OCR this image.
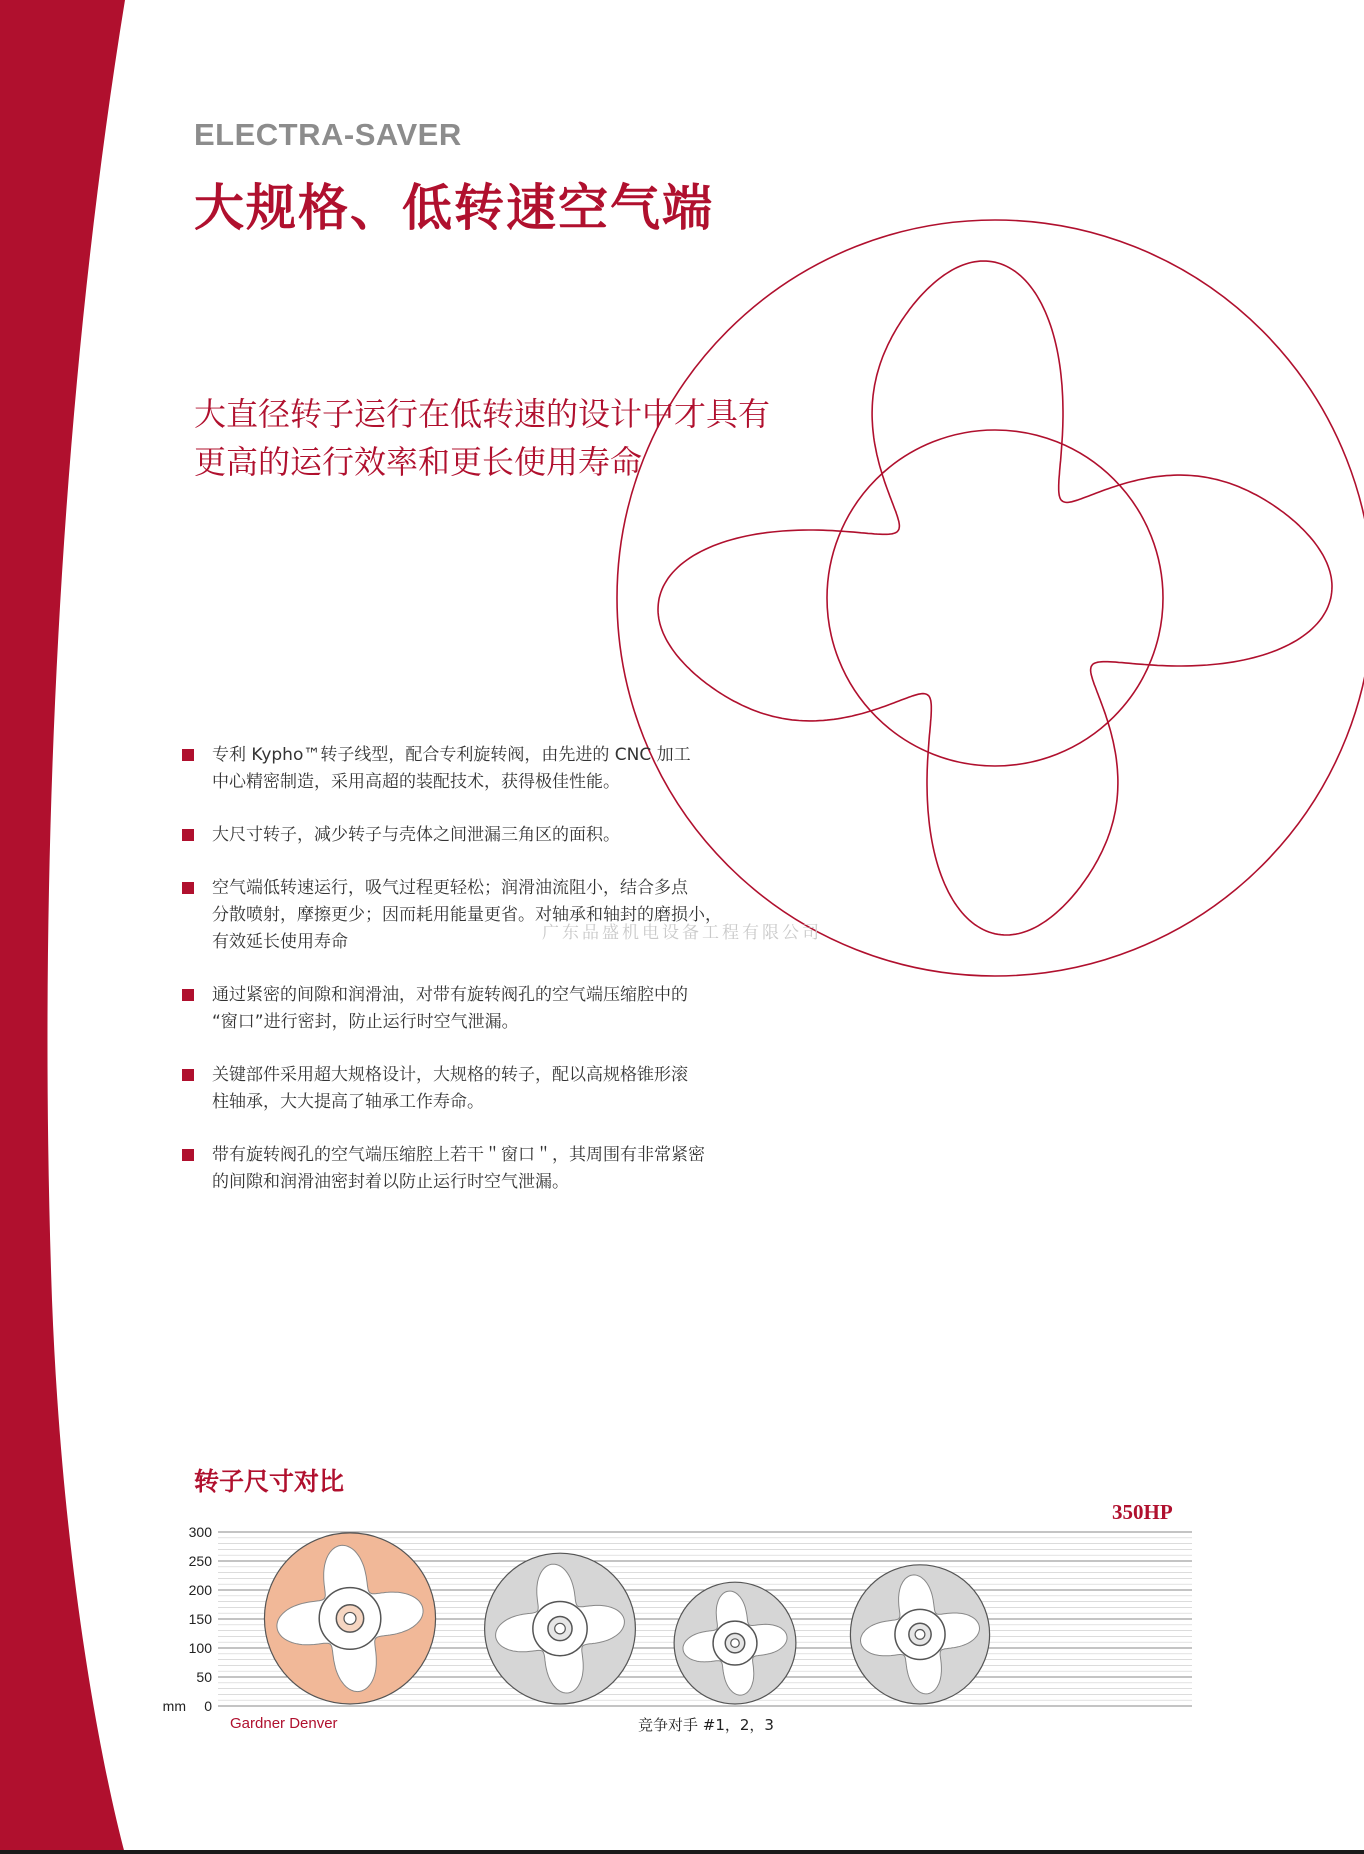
ELECTRA-SAVER
大规格、低转速空气端
大直径转子运行在低转速的设计中才具有
更高的运行效率和更长使用寿命
专利 Kypho™转子线型，配合专利旋转阀，由先进的 CNC 加工
中心精密制造，采用高超的装配技术，获得极佳性能。
大尺寸转子，减少转子与壳体之间泄漏三角区的面积。
空气端低转速运行，吸气过程更轻松；润滑油流阻小，结合多点
分散喷射，摩擦更少；因而耗用能量更省。对轴承和轴封的磨损小，
有效延长使用寿命
通过紧密的间隙和润滑油，对带有旋转阀孔的空气端压缩腔中的
“窗口”进行密封，防止运行时空气泄漏。
关键部件采用超大规格设计，大规格的转子，配以高规格锥形滚
柱轴承，大大提高了轴承工作寿命。
带有旋转阀孔的空气端压缩腔上若干＂窗口＂，其周围有非常紧密
的间隙和润滑油密封着以防止运行时空气泄漏。
广东品盛机电设备工程有限公司
转子尺寸对比
350HP
300
250
200
150
100
50
0
mm
Gardner Denver	竞争对手 #1，2，3
